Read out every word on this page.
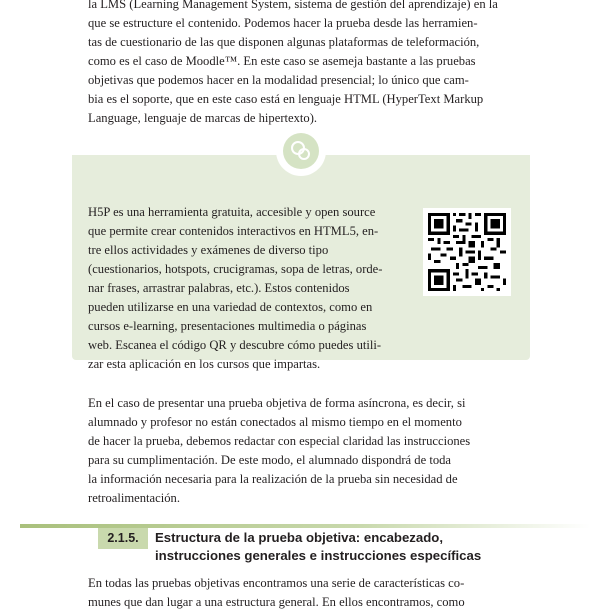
la LMS (Learning Management System, sistema de gestión del aprendizaje) en la

que se estructure el contenido. Podemos hacer la prueba desde las herramien-

tas de cuestionario de las que disponen algunas plataformas de teleformación,

como es el caso de Moodle™. En este caso se asemeja bastante a las pruebas

objetivas que podemos hacer en la modalidad presencial; lo único que cam-

bia es el soporte, que en este caso está en lenguaje HTML (HyperText Markup

Language, lenguaje de marcas de hipertexto).

H5P es una herramienta gratuita, accesible y open source
que permite crear contenidos interactivos en HTML5, en-
tre ellos actividades y exámenes de diverso tipo
(cuestionarios, hotspots, crucigramas, sopa de letras, orde-
nar frases, arrastrar palabras, etc.). Estos contenidos
pueden utilizarse en una variedad de contextos, como en
cursos e-learning, presentaciones multimedia o páginas
web. Escanea el código QR y descubre cómo puedes utili-
zar esta aplicación en los cursos que impartas.

En el caso de presentar una prueba objetiva de forma asíncrona, es decir, si

alumnado y profesor no están conectados al mismo tiempo en el momento

de hacer la prueba, debemos redactar con especial claridad las instrucciones

para su cumplimentación. De este modo, el alumnado dispondrá de toda

la información necesaria para la realización de la prueba sin necesidad de

retroalimentación.

2.1.5.	Estructura de la prueba objetiva: encabezado,
instrucciones generales e instrucciones específicas

En todas las pruebas objetivas encontramos una serie de características co-

munes que dan lugar a una estructura general. En ellos encontramos, como
